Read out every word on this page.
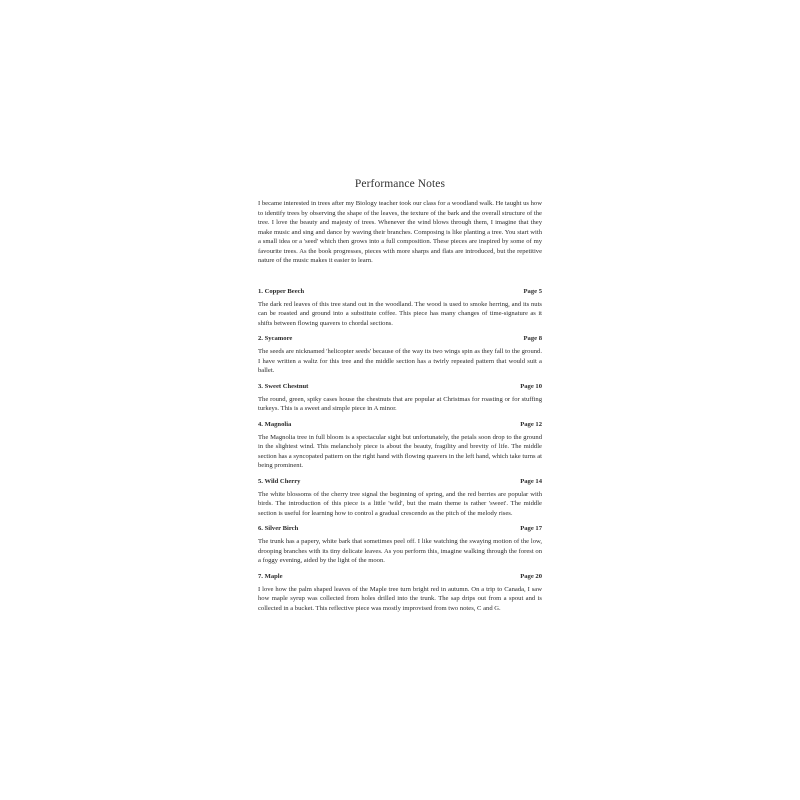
Performance Notes

I became interested in trees after my Biology teacher took our class for a woodland walk. He taught us how to identify trees by observing the shape of the leaves, the texture of the bark and the overall structure of the tree. I love the beauty and majesty of trees. Whenever the wind blows through them, I imagine that they make music and sing and dance by waving their branches. Composing is like planting a tree. You start with a small idea or a 'seed' which then grows into a full composition. These pieces are inspired by some of my favourite trees. As the book progresses, pieces with more sharps and flats are introduced, but the repetitive nature of the music makes it easier to learn.

1. Copper Beech	Page 5

The dark red leaves of this tree stand out in the woodland. The wood is used to smoke herring, and its nuts can be roasted and ground into a substitute coffee. This piece has many changes of time-signature as it shifts between flowing quavers to chordal sections.

2. Sycamore	Page 8

The seeds are nicknamed 'helicopter seeds' because of the way its two wings spin as they fall to the ground. I have written a waltz for this tree and the middle section has a twirly repeated pattern that would suit a ballet.

3. Sweet Chestnut	Page 10

The round, green, spiky cases house the chestnuts that are popular at Christmas for roasting or for stuffing turkeys. This is a sweet and simple piece in A minor.

4. Magnolia	Page 12

The Magnolia tree in full bloom is a spectacular sight but unfortunately, the petals soon drop to the ground in the slightest wind. This melancholy piece is about the beauty, fragility and brevity of life. The middle section has a syncopated pattern on the right hand with flowing quavers in the left hand, which take turns at being prominent.

5. Wild Cherry	Page 14

The white blossoms of the cherry tree signal the beginning of spring, and the red berries are popular with birds. The introduction of this piece is a little 'wild', but the main theme is rather 'sweet'. The middle section is useful for learning how to control a gradual crescendo as the pitch of the melody rises.

6. Silver Birch	Page 17

The trunk has a papery, white bark that sometimes peel off. I like watching the swaying motion of the low, drooping branches with its tiny delicate leaves. As you perform this, imagine walking through the forest on a foggy evening, aided by the light of the moon.

7. Maple	Page 20

I love how the palm shaped leaves of the Maple tree turn bright red in autumn. On a trip to Canada, I saw how maple syrup was collected from holes drilled into the trunk. The sap drips out from a spout and is collected in a bucket. This reflective piece was mostly improvised from two notes, C and G.
